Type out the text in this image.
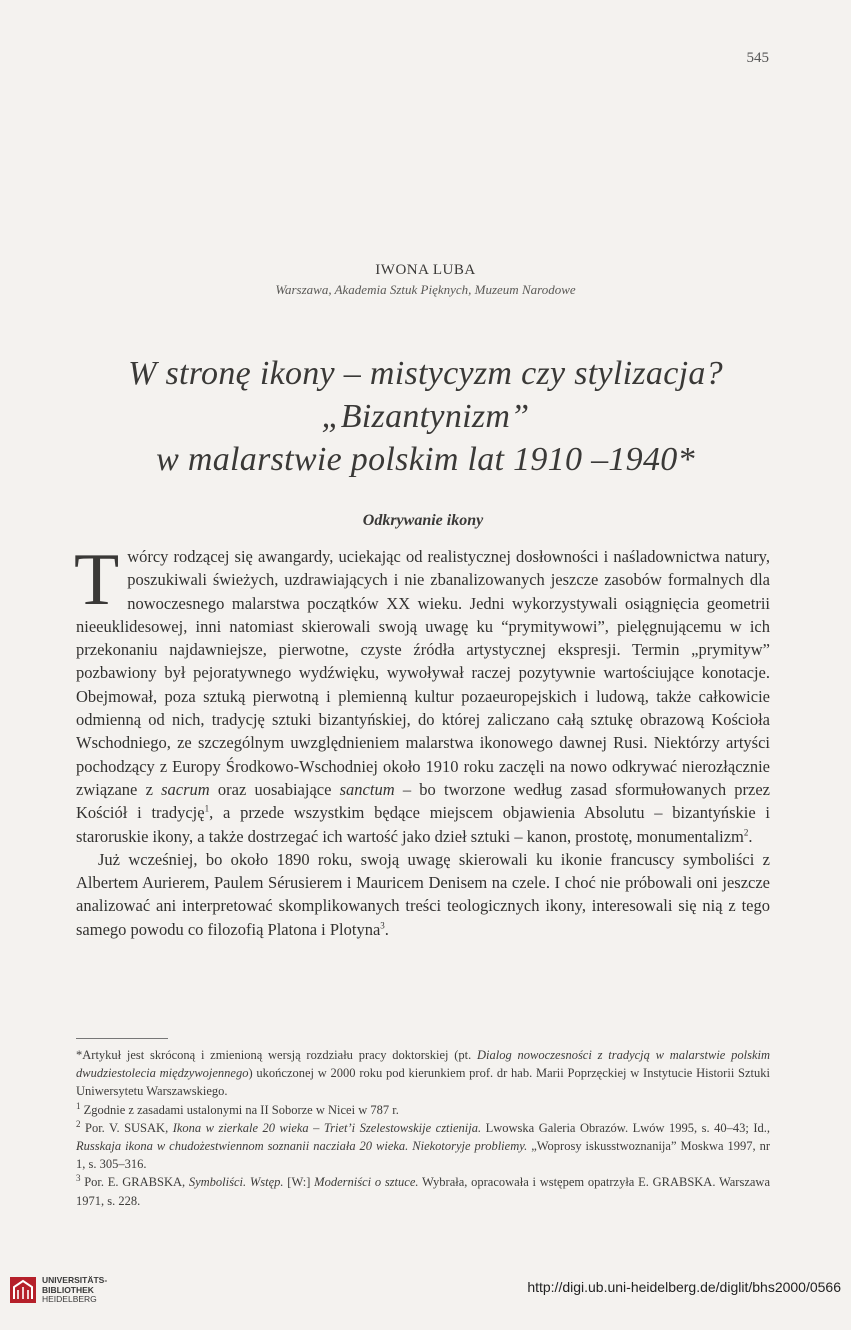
545
IWONA LUBA
Warszawa, Akademia Sztuk Pięknych, Muzeum Narodowe
W stronę ikony – mistycyzm czy stylizacja?
„Bizantynizm”
w malarstwie polskim lat 1910 –1940*
Odkrywanie ikony

Twórcy rodzącej się awangardy, uciekając od realistycznej dosłowności i naśladownictwa natury, poszukiwali świeżych, uzdrawiających i nie zbanalizowanych jeszcze zasobów formalnych dla nowoczesnego malarstwa początków XX wieku. Jedni wykorzystywali osiągnięcia geometrii nieeuklidesowej, inni natomiast skierowali swoją uwagę ku “prymitywowi”, pielęgnującemu w ich przekonaniu najdawniejsze, pierwotne, czyste źródła artystycznej ekspresji. Termin „prymityw” pozbawiony był pejoratywnego wydźwięku, wywoływał raczej pozytywnie wartościujące konotacje. Obejmował, poza sztuką pierwotną i plemienną kultur pozaeuropejskich i ludową, także całkowicie odmienną od nich, tradycję sztuki bizantyńskiej, do której zaliczano całą sztukę obrazową Kościoła Wschodniego, ze szczególnym uwzględnieniem malarstwa ikonowego dawnej Rusi. Niektórzy artyści pochodzący z Europy Środkowo-Wschodniej około 1910 roku zaczęli na nowo odkrywać nierozłącznie związane z sacrum oraz uosabiające sanctum – bo tworzone według zasad sformułowanych przez Kościół i tradycję$^1$, a przede wszystkim będące miejscem objawienia Absolutu – bizantyńskie i staroruskie ikony, a także dostrzegać ich wartość jako dzieł sztuki – kanon, prostotę, monumentalizm$^2$.

Już wcześniej, bo około 1890 roku, swoją uwagę skierowali ku ikonie francuscy symboliści z Albertem Aurierem, Paulem Sérusierem i Mauricem Denisem na czele. I choć nie próbowali oni jeszcze analizować ani interpretować skomplikowanych treści teologicznych ikony, interesowali się nią z tego samego powodu co filozofią Platona i Plotyna$^3$.

*Artykuł jest skróconą i zmienioną wersją rozdziału pracy doktorskiej (pt. Dialog nowoczesności z tradycją w malarstwie polskim dwudziestolecia międzywojennego) ukończonej w 2000 roku pod kierunkiem prof. dr hab. Marii Poprzęckiej w Instytucie Historii Sztuki Uniwersytetu Warszawskiego.

$^1$ Zgodnie z zasadami ustalonymi na II Soborze w Nicei w 787 r.

$^2$ Por. V. SUSAK, Ikona w zierkale 20 wieka – Triet’i Szelestowskije cztienija. Lwowska Galeria Obrazów. Lwów 1995, s. 40–43; Id., Russkaja ikona w chudożestwiennom soznanii nacziała 20 wieka. Niekotoryje probliemy. „Woprosy iskusstwoznanija” Moskwa 1997, nr 1, s. 305–316.

$^3$ Por. E. GRABSKA, Symboliści. Wstęp. [W:] Moderniści o sztuce. Wybrała, opracowała i wstępem opatrzyła E. GRABSKA. Warszawa 1971, s. 228.

UNIVERSITÄTS-
BIBLIOTHEK
HEIDELBERG
http://digi.ub.uni-heidelberg.de/diglit/bhs2000/0566
